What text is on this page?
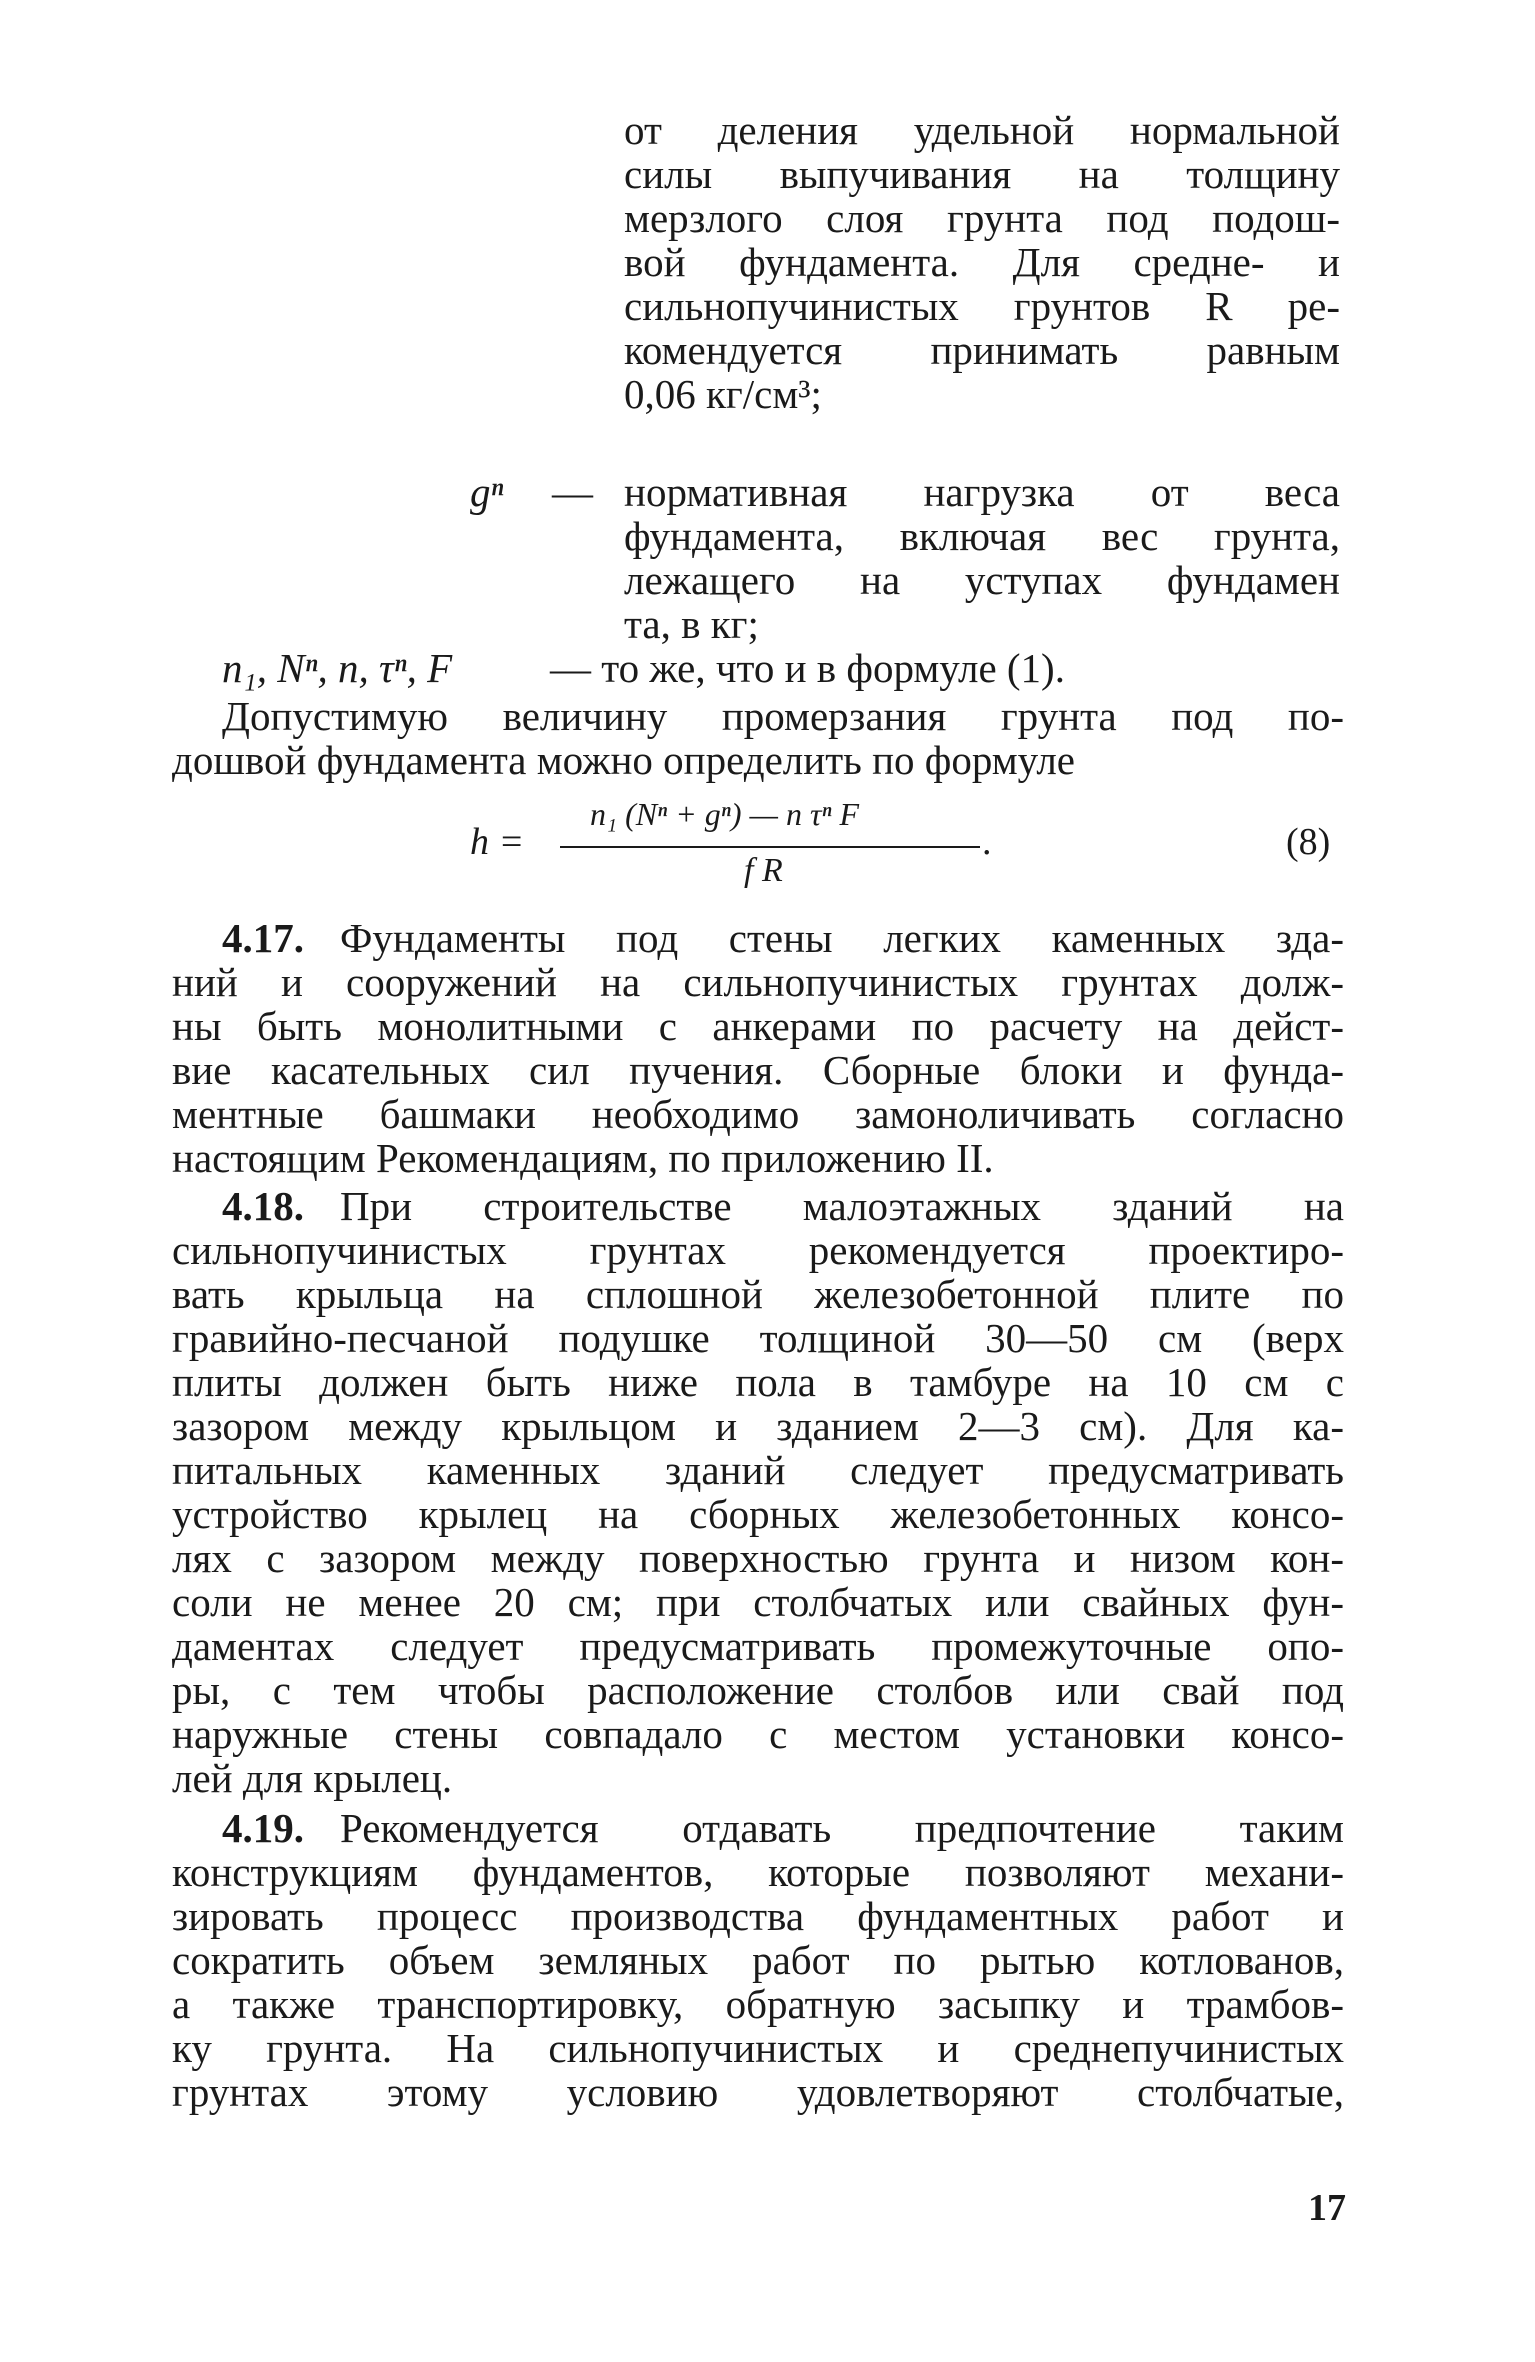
от деления удельной нормальной
силы выпучивания на толщину
мерзлого слоя грунта под подош-
вой фундамента. Для средне- и
сильнопучинистых грунтов R ре-
комендуется принимать равным
0,06 кг/см³;
gⁿ — нормативная нагрузка от веса
фундамента, включая вес грунта,
лежащего на уступах фундамен
та, в кг;
n₁, Nⁿ, n, τⁿ, F — то же, что и в формуле (1).
Допустимую величину промерзания грунта под по-
дошвой фундамента можно определить по формуле
h =
n₁ (Nⁿ + gⁿ) — n τⁿ F
f R
.	(8)
4.17. Фундаменты под стены легких каменных зда-
ний и сооружений на сильнопучинистых грунтах долж-
ны быть монолитными с анкерами по расчету на дейст-
вие касательных сил пучения. Сборные блоки и фунда-
ментные башмаки необходимо замоноличивать согласно
настоящим Рекомендациям, по приложению II.
4.18. При строительстве малоэтажных зданий на
сильнопучинистых грунтах рекомендуется проектиро-
вать крыльца на сплошной железобетонной плите по
гравийно-песчаной подушке толщиной 30—50 см (верх
плиты должен быть ниже пола в тамбуре на 10 см с
зазором между крыльцом и зданием 2—3 см). Для ка-
питальных каменных зданий следует предусматривать
устройство крылец на сборных железобетонных консо-
лях с зазором между поверхностью грунта и низом кон-
соли не менее 20 см; при столбчатых или свайных фун-
даментах следует предусматривать промежуточные опо-
ры, с тем чтобы расположение столбов или свай под
наружные стены совпадало с местом установки консо-
лей для крылец.
4.19. Рекомендуется отдавать предпочтение таким
конструкциям фундаментов, которые позволяют механи-
зировать процесс производства фундаментных работ и
сократить объем земляных работ по рытью котлованов,
а также транспортировку, обратную засыпку и трамбов-
ку грунта. На сильнопучинистых и среднепучинистых
грунтах этому условию удовлетворяют столбчатые,
17
